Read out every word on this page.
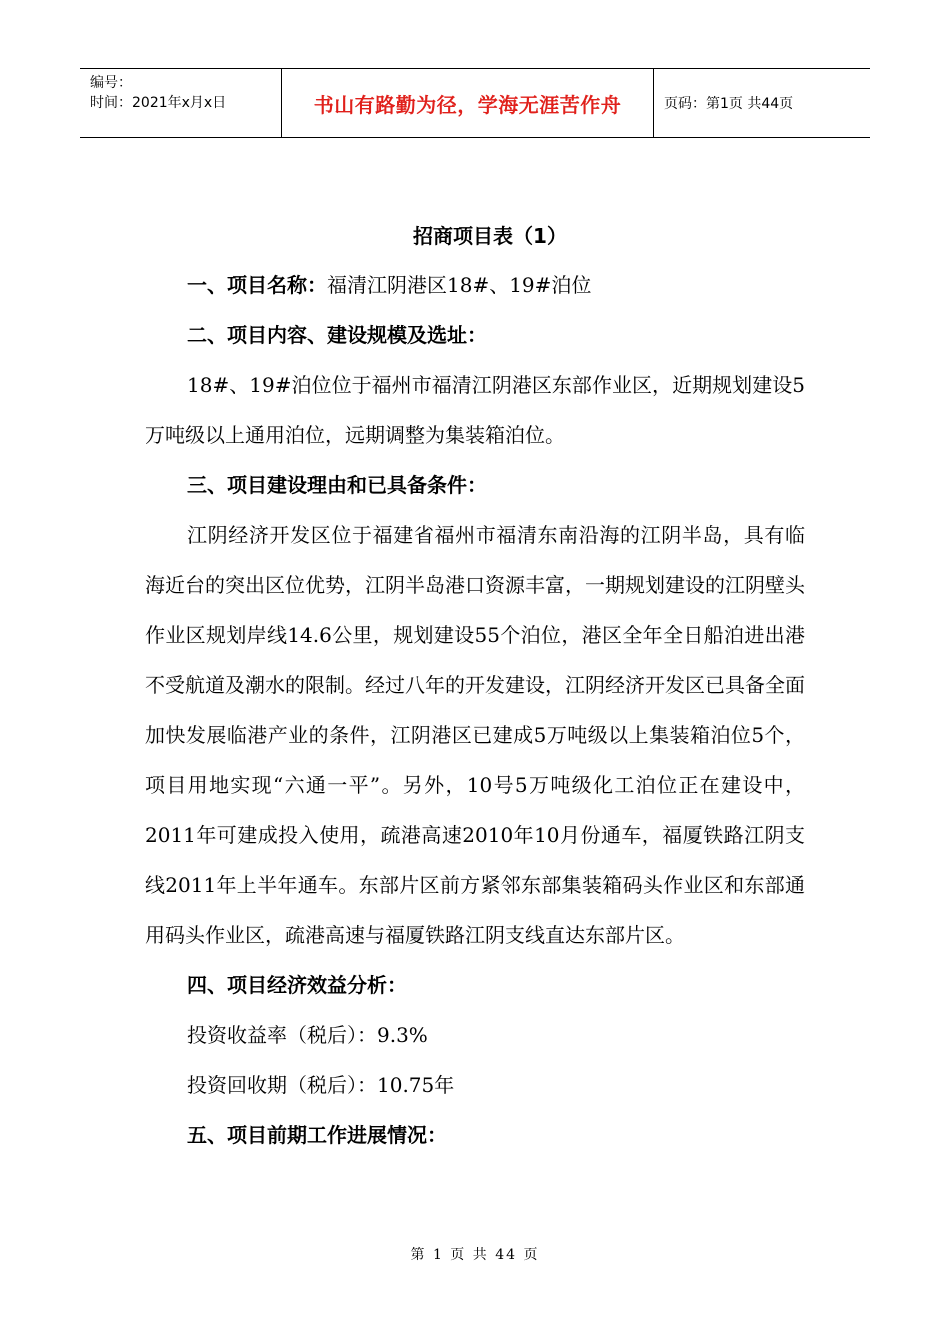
编号：
时间：2021年x月x日	书山有路勤为径，学海无涯苦作舟	页码：第1页 共44页
招商项目表（1）
一、项目名称：福清江阴港区18#、19#泊位
二、项目内容、建设规模及选址：

18#、19#泊位位于福州市福清江阴港区东部作业区，近期规划建设5万吨级以上通用泊位，远期调整为集装箱泊位。

三、项目建设理由和已具备条件：

江阴经济开发区位于福建省福州市福清东南沿海的江阴半岛，具有临海近台的突出区位优势，江阴半岛港口资源丰富，一期规划建设的江阴壁头作业区规划岸线14.6公里，规划建设55个泊位，港区全年全日船泊进出港不受航道及潮水的限制。经过八年的开发建设，江阴经济开发区已具备全面加快发展临港产业的条件，江阴港区已建成5万吨级以上集装箱泊位5个，项目用地实现“六通一平”。另外，10号5万吨级化工泊位正在建设中， 2011年可建成投入使用，疏港高速2010年10月份通车，福厦铁路江阴支线2011年上半年通车。东部片区前方紧邻东部集装箱码头作业区和东部通用码头作业区，疏港高速与福厦铁路江阴支线直达东部片区。

四、项目经济效益分析：
投资收益率（税后）：9.3%
投资回收期（税后）：10.75年
五、项目前期工作进展情况：
第 1 页 共 44 页
